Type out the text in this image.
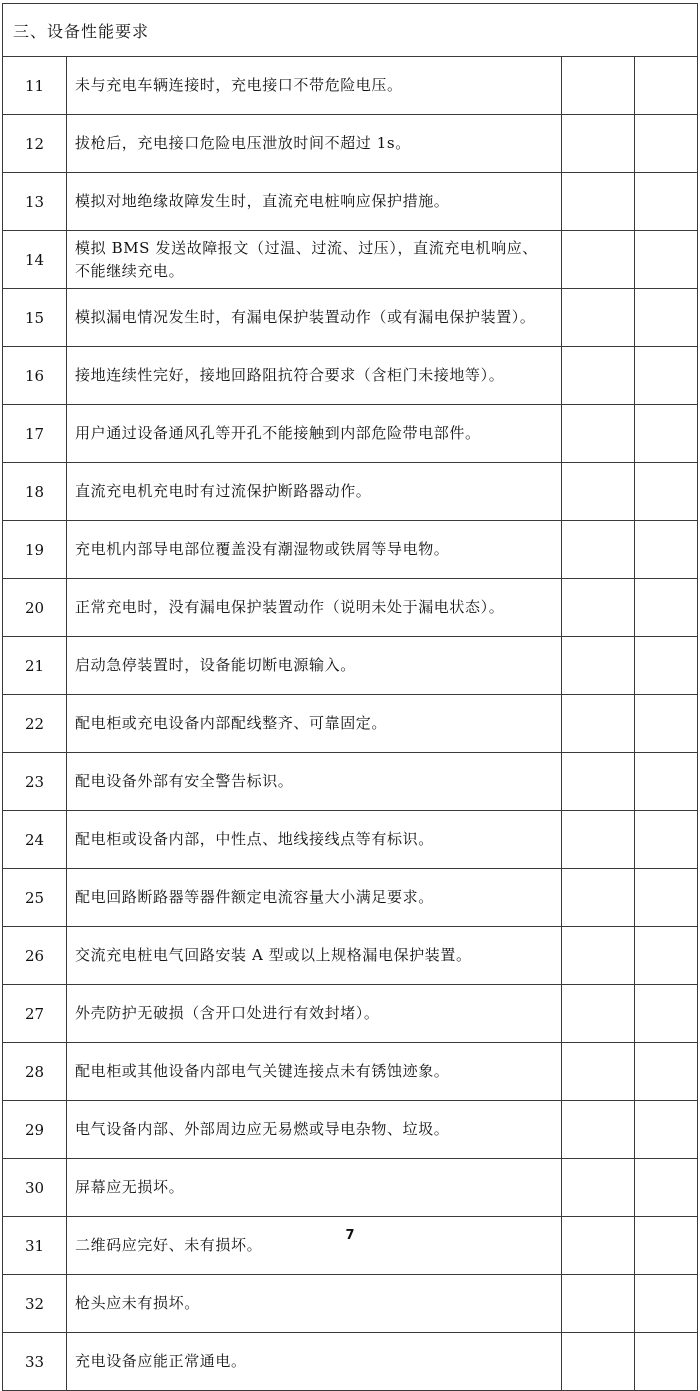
三、设备性能要求			
11	未与充电车辆连接时，充电接口不带危险电压。		
12	拔枪后，充电接口危险电压泄放时间不超过 1s。		
13	模拟对地绝缘故障发生时，直流充电桩响应保护措施。		
14	模拟 BMS 发送故障报文（过温、过流、过压），直流充电机响应、不能继续充电。		
15	模拟漏电情况发生时，有漏电保护装置动作（或有漏电保护装置）。		
16	接地连续性完好，接地回路阻抗符合要求（含柜门未接地等）。		
17	用户通过设备通风孔等开孔不能接触到内部危险带电部件。		
18	直流充电机充电时有过流保护断路器动作。		
19	充电机内部导电部位覆盖没有潮湿物或铁屑等导电物。		
20	正常充电时，没有漏电保护装置动作（说明未处于漏电状态）。		
21	启动急停装置时，设备能切断电源输入。		
22	配电柜或充电设备内部配线整齐、可靠固定。		
23	配电设备外部有安全警告标识。		
24	配电柜或设备内部，中性点、地线接线点等有标识。		
25	配电回路断路器等器件额定电流容量大小满足要求。		
26	交流充电桩电气回路安装 A 型或以上规格漏电保护装置。		
27	外壳防护无破损（含开口处进行有效封堵）。		
28	配电柜或其他设备内部电气关键连接点未有锈蚀迹象。		
29	电气设备内部、外部周边应无易燃或导电杂物、垃圾。		
30	屏幕应无损坏。		
31	二维码应完好、未有损坏。		
32	枪头应未有损坏。		
33	充电设备应能正常通电。		
7
